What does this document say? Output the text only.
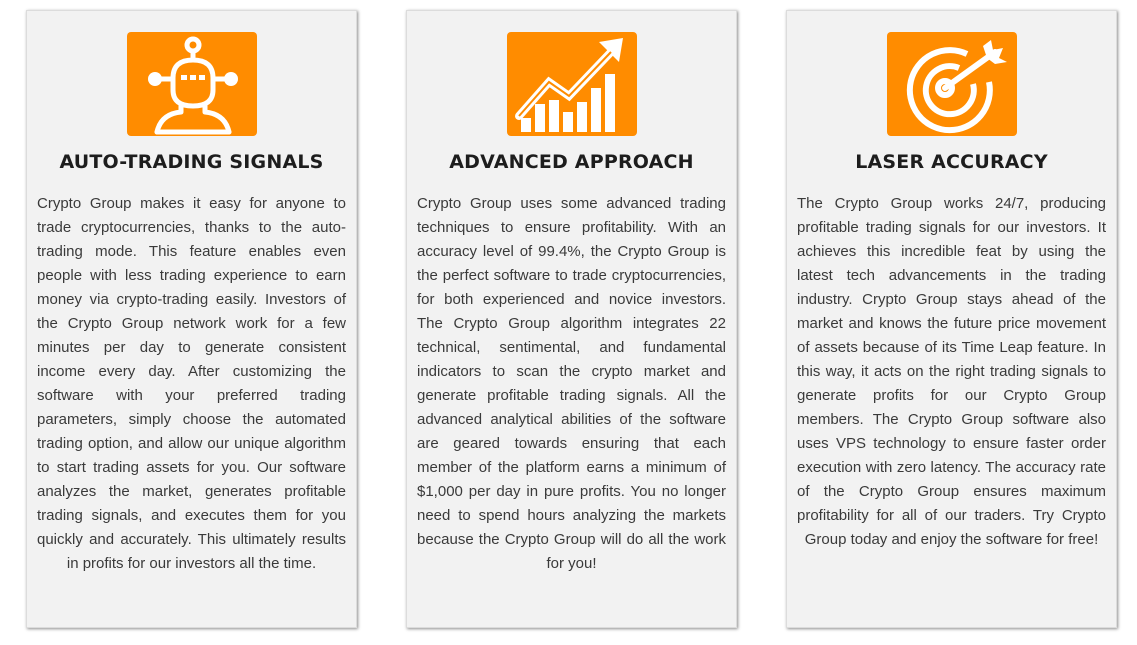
AUTO-TRADING SIGNALS
Crypto Group makes it easy for anyone to trade cryptocurrencies, thanks to the auto-trading mode. This feature enables even people with less trading experience to earn money via crypto-trading easily. Investors of the Crypto Group network work for a few minutes per day to generate consistent income every day. After customizing the software with your preferred trading parameters, simply choose the automated trading option, and allow our unique algorithm to start trading assets for you. Our software analyzes the market, generates profitable trading signals, and executes them for you quickly and accurately. This ultimately results in profits for our investors all the time.
ADVANCED APPROACH
Crypto Group uses some advanced trading techniques to ensure profitability. With an accuracy level of 99.4%, the Crypto Group is the perfect software to trade cryptocurrencies, for both experienced and novice investors. The Crypto Group algorithm integrates 22 technical, sentimental, and fundamental indicators to scan the crypto market and generate profitable trading signals. All the advanced analytical abilities of the software are geared towards ensuring that each member of the platform earns a minimum of $1,000 per day in pure profits. You no longer need to spend hours analyzing the markets because the Crypto Group will do all the work for you!
LASER ACCURACY
The Crypto Group works 24/7, producing profitable trading signals for our investors. It achieves this incredible feat by using the latest tech advancements in the trading industry. Crypto Group stays ahead of the market and knows the future price movement of assets because of its Time Leap feature. In this way, it acts on the right trading signals to generate profits for our Crypto Group members. The Crypto Group software also uses VPS technology to ensure faster order execution with zero latency. The accuracy rate of the Crypto Group ensures maximum profitability for all of our traders. Try Crypto Group today and enjoy the software for free!
